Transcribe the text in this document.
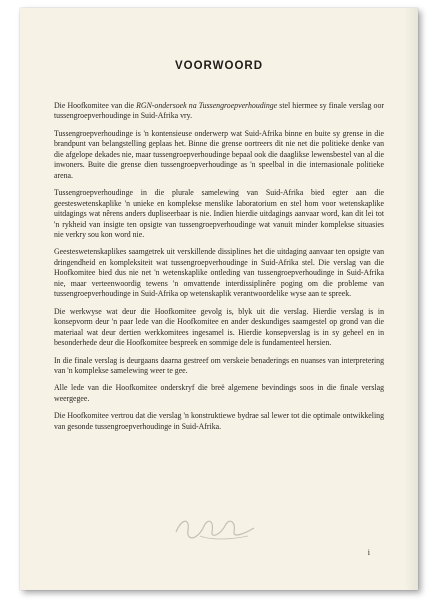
VOORWOORD

Die Hoofkomitee van die RGN-ondersoek na Tussengroepverhoudinge stel hiermee sy finale verslag oor tussengroepverhoudinge in Suid-Afrika vry.

Tussengroepverhoudinge is 'n kontensieuse onderwerp wat Suid-Afrika binne en buite sy grense in die brandpunt van belangstelling geplaas het. Binne die grense oortreers dit nie net die politieke denke van die afgelope dekades nie, maar tussengroepverhoudinge bepaal ook die daaglikse lewensbestel van al die inwoners. Buite die grense dien tussengroepverhoudinge as 'n speelbal in die internasionale politieke arena.

Tussengroepverhoudinge in die plurale samelewing van Suid-Afrika bied egter aan die geesteswetenskaplike 'n unieke en komplekse menslike laboratorium en stel hom voor wetenskaplike uitdagings wat nêrens anders dupliseerbaar is nie. Indien hierdie uitdagings aanvaar word, kan dit lei tot 'n rykheid van insigte ten opsigte van tussengroepverhoudinge wat vanuit minder komplekse situasies nie verkry sou kon word nie.

Geesteswetenskaplikes saamgetrek uit verskillende dissiplines het die uitdaging aanvaar ten opsigte van dringendheid en kompleksiteit wat tussengroepverhoudinge in Suid-Afrika stel. Die verslag van die Hoofkomitee bied dus nie net 'n wetenskaplike ontleding van tussengroepverhoudinge in Suid-Afrika nie, maar verteenwoordig tewens 'n omvattende interdissiplinêre poging om die probleme van tussengroepverhoudinge in Suid-Afrika op wetenskaplik verantwoordelike wyse aan te spreek.

Die werkwyse wat deur die Hoofkomitee gevolg is, blyk uit die verslag. Hierdie verslag is in konsepvorm deur 'n paar lede van die Hoofkomitee en ander deskundiges saamgestel op grond van die materiaal wat deur dertien werkkomitees ingesamel is. Hierdie konsepverslag is in sy geheel en in besonderhede deur die Hoofkomitee bespreek en sommige dele is fundamenteel hersien.

In die finale verslag is deurgaans daarna gestreef om verskeie benaderings en nuanses van interpretering van 'n komplekse samelewing weer te gee.

Alle lede van die Hoofkomitee onderskryf die breë algemene bevindings soos in die finale verslag weergegee.

Die Hoofkomitee vertrou dat die verslag 'n konstruktiewe bydrae sal lewer tot die optimale ontwikkeling van gesonde tussengroepverhoudinge in Suid-Afrika.

i
